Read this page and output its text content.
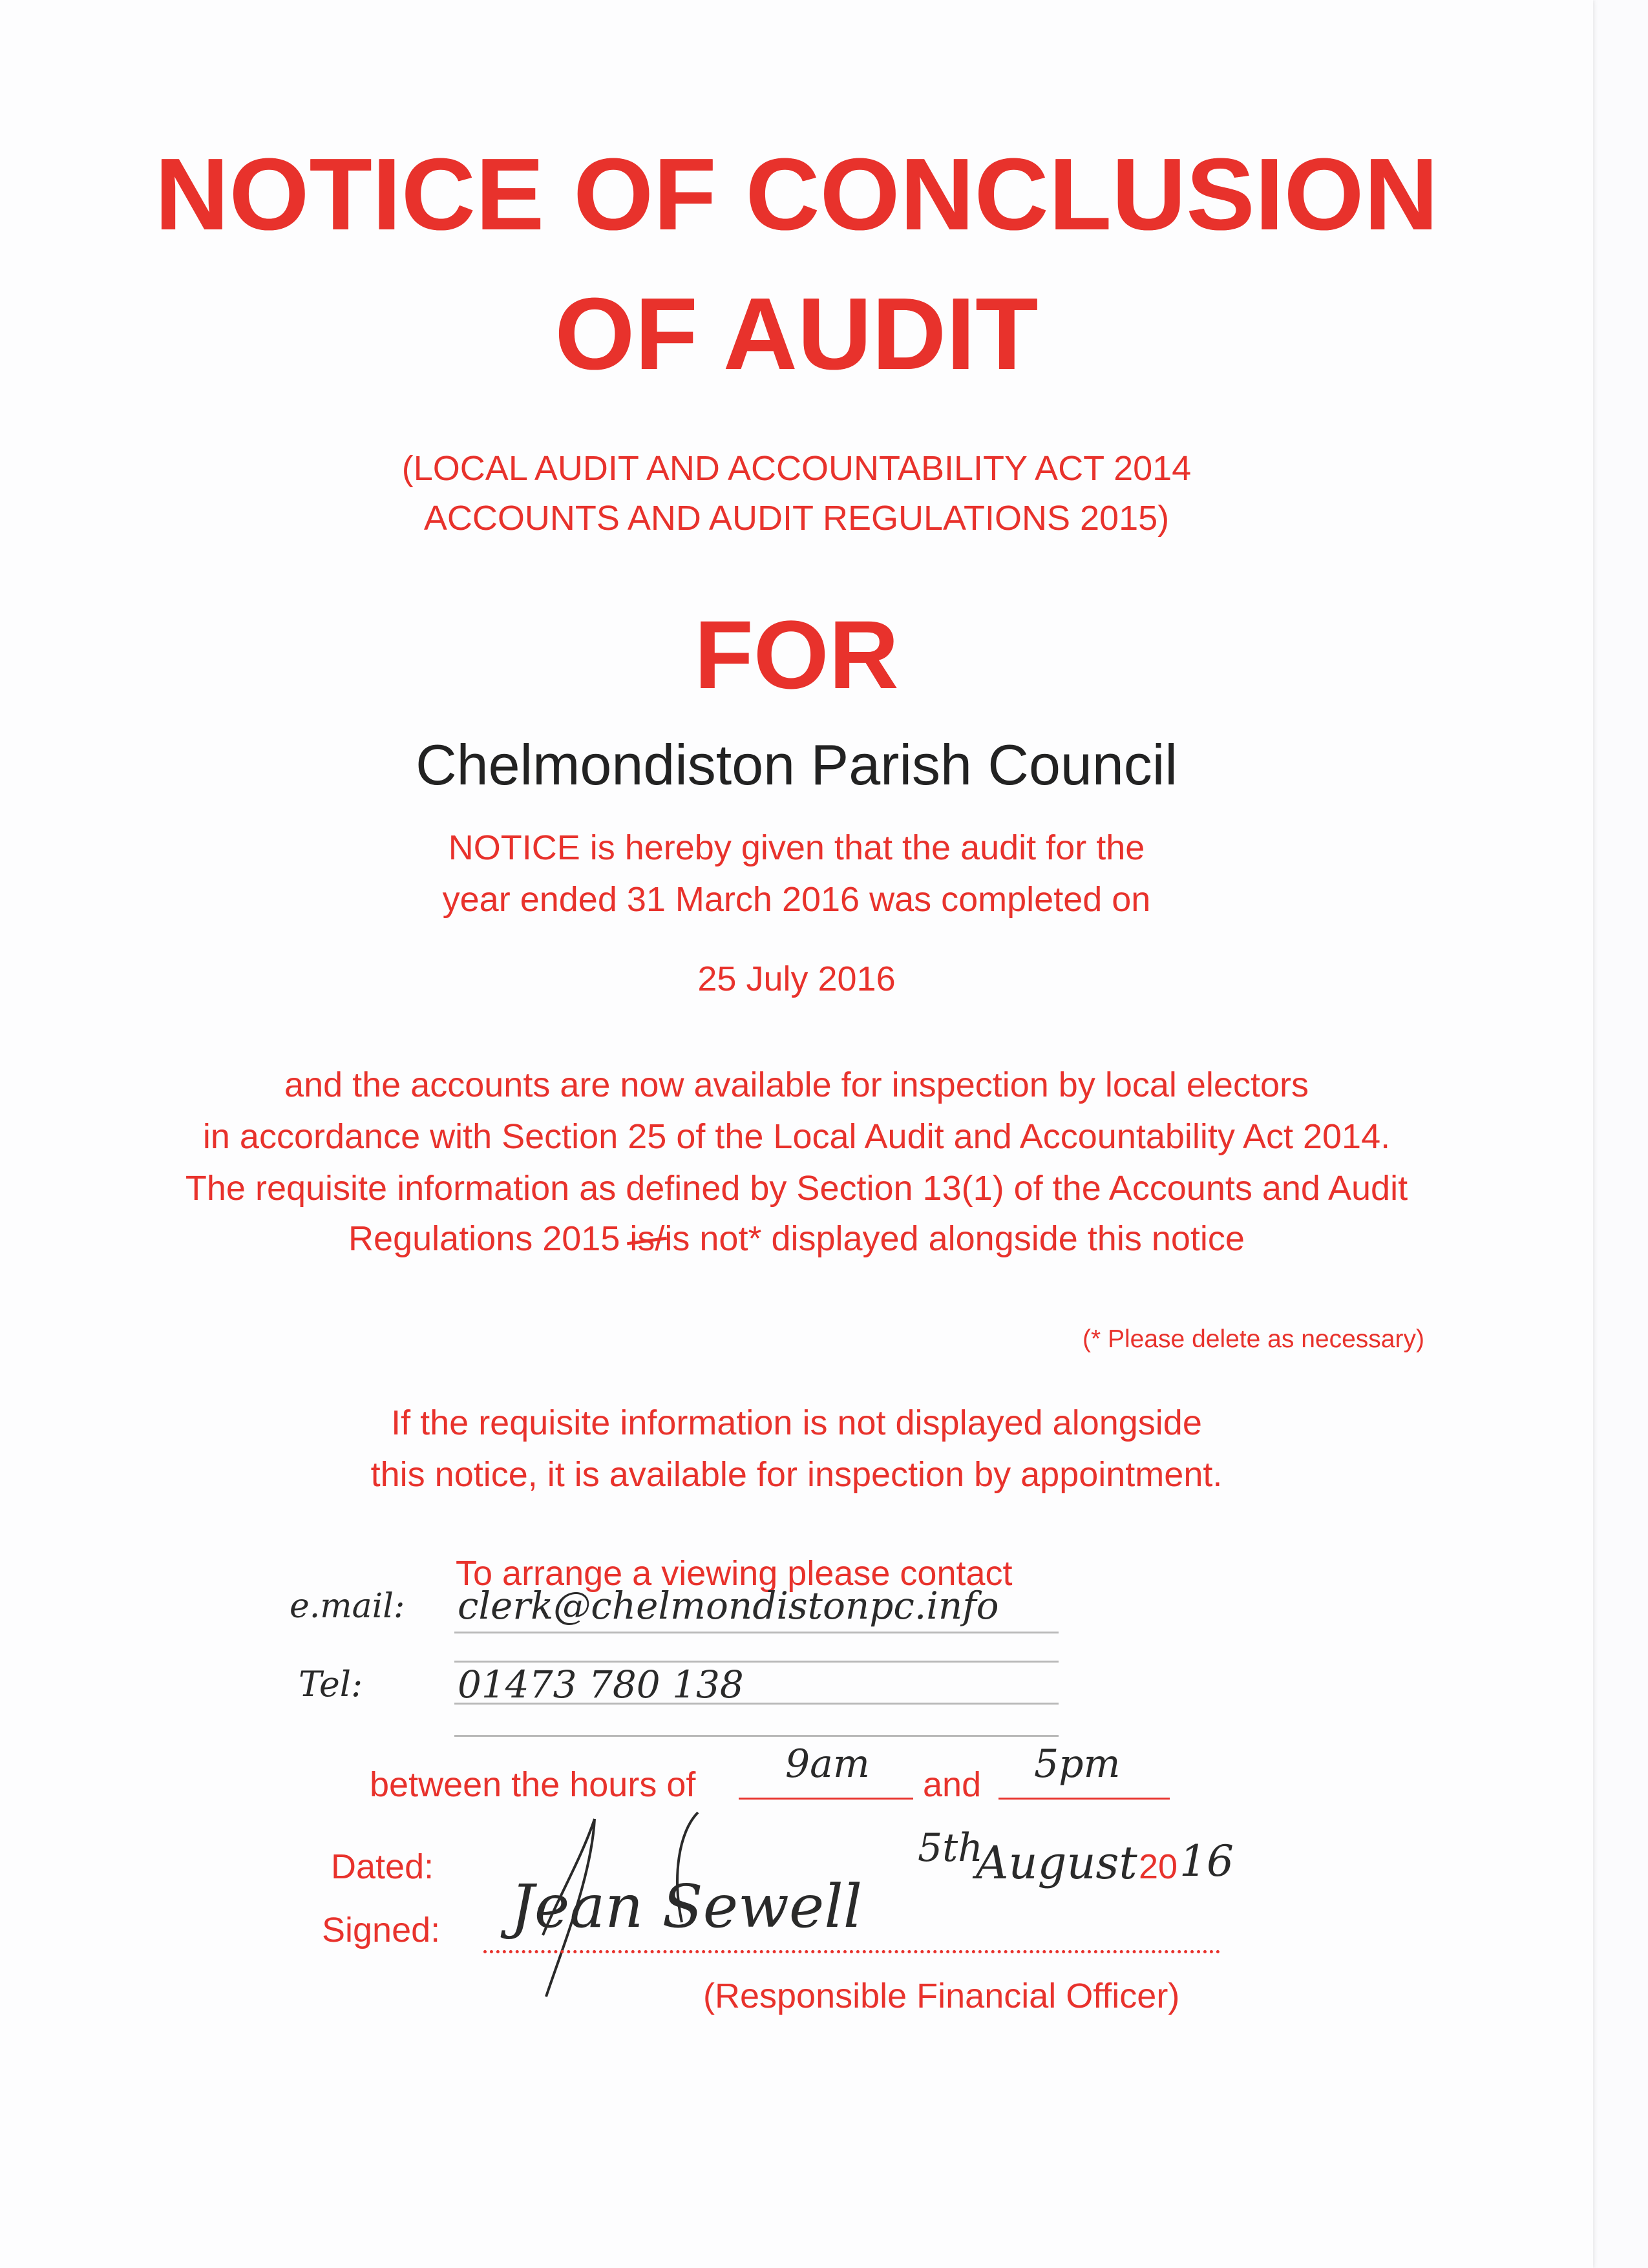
NOTICE OF CONCLUSION
OF AUDIT
(LOCAL AUDIT AND ACCOUNTABILITY ACT 2014
ACCOUNTS AND AUDIT REGULATIONS 2015)
FOR
Chelmondiston Parish Council
NOTICE is hereby given that the audit for the
year ended 31 March 2016 was completed on
25 July 2016
and the accounts are now available for inspection by local electors
in accordance with Section 25 of the Local Audit and Accountability Act 2014.
The requisite information as defined by Section 13(1) of the Accounts and Audit
Regulations 2015 is/is not* displayed alongside this notice
(* Please delete as necessary)
If the requisite information is not displayed alongside
this notice, it is available for inspection by appointment.
To arrange a viewing please contact
e.mail: clerk@chelmondistonpc.info
Tel:	01473 780 138
between the hours of 9am and 5pm
Dated:	5th
August 20 16
Signed: Jean Sewell
(Responsible Financial Officer)
